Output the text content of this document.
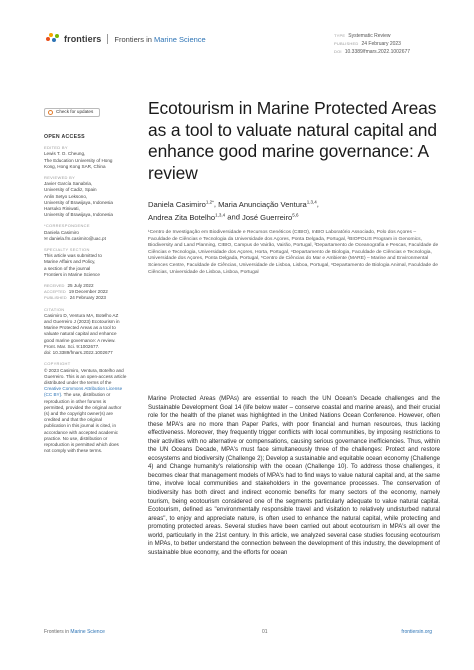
frontiers Frontiers in Marine Science	TYPE Systematic Review
PUBLISHED 24 February 2023
DOI 10.3389/fmars.2022.1002677
Check for updates
OPEN ACCESS
EDITED BY
Lewis T. O. Cheung,
The Education University of Hong
Kong, Hong Kong SAR, China
REVIEWED BY
Javier García Sanabria,
University of Cadiz, Spain
Anlin Setyo Leksono,
University of Brawijaya, Indonesia
Harsuko Riniwati,
University of Brawijaya, Indonesia
*CORRESPONDENCE
Daniela Casimiro
✉ daniela.fm.casimiro@uac.pt
SPECIALTY SECTION
This article was submitted to
Marine Affairs and Policy,
a section of the journal
Frontiers in Marine Science
RECEIVED 25 July 2022
ACCEPTED 19 December 2022
PUBLISHED 24 February 2023
CITATION
Casimiro D, Ventura MA, Botelho AZ
and Guerreiro J (2023) Ecotourism in
Marine Protected Areas as a tool to
valuate natural capital and enhance
good marine governance: A review.
Front. Mar. Sci. 9:1002677.
doi: 10.3389/fmars.2022.1002677
COPYRIGHT
© 2023 Casimiro, Ventura, Botelho and
Guerreiro. This is an open-access article
distributed under the terms of the
Creative Commons Attribution License
(CC BY). The use, distribution or
reproduction in other forums is
permitted, provided the original author
(s) and the copyright owner(s) are
credited and that the original
publication in this journal is cited, in
accordance with accepted academic
practice. No use, distribution or
reproduction is permitted which does
not comply with these terms.
Ecotourism in Marine Protected Areas as a tool to valuate natural capital and enhance good marine governance: A review
Daniela Casimiro$^{1,2*}$, Maria Anunciação Ventura$^{1,3,4}$,
Andrea Zita Botelho$^{1,3,4}$ and José Guerreiro$^{5,6}$
¹Centro de Investigação em Biodiversidade e Recursos Genéticos (CIBIO), InBIO Laboratório Associado, Polo dos Açores – Faculdade de Ciências e Tecnologia da Universidade dos Açores, Ponta Delgada, Portugal, ²BIOPOLIS Program in Genomics, Biodiversity and Land Planning, CIBIO, Campus de Vairão, Vairão, Portugal, ³Departamento de Oceanografia e Pescas, Faculdade de Ciências e Tecnologia, Universidade dos Açores, Horta, Portugal, ⁴Departamento de Biologia, Faculdade de Ciências e Tecnologia, Universidade dos Açores, Ponta Delgada, Portugal, ⁵Centro de Ciências do Mar e Ambiente (MARE) – Marine and Environmental Sciences Centre, Faculdade de Ciências, Universidade de Lisboa, Lisboa, Portugal, ⁶Departamento de Biologia Animal, Faculdade de Ciências, Universidade de Lisboa, Lisboa, Portugal
Marine Protected Areas (MPAs) are essential to reach the UN Ocean's Decade challenges and the Sustainable Development Goal 14 (life below water – conserve coastal and marine areas), and their crucial role for the health of the planet was highlighted in the United Nations Ocean Conference. However, often these MPA's are no more than Paper Parks, with poor financial and human resources, thus lacking effectiveness. Moreover, they frequently trigger conflicts with local communities, by imposing restrictions to their activities with no alternative or compensations, causing serious governance inefficiencies. Thus, within the UN Oceans Decade, MPA's must face simultaneously three of the challenges: Protect and restore ecosystems and biodiversity (Challenge 2); Develop a sustainable and equitable ocean economy (Challenge 4) and Change humanity's relationship with the ocean (Challenge 10). To address those challenges, it becomes clear that management models of MPA's had to find ways to value natural capital and, at the same time, involve local communities and stakeholders in the governance processes. The conservation of biodiversity has both direct and indirect economic benefits for many sectors of the economy, namely tourism, being ecotourism considered one of the segments particularly adequate to value natural capital. Ecotourism, defined as "environmentally responsible travel and visitation to relatively undisturbed natural areas", to enjoy and appreciate nature, is often used to enhance the natural capital, while protecting and promoting protected areas. Several studies have been carried out about ecotourism in MPA's all over the world, particularly in the 21st century. In this article, we analyzed several case studies focusing ecotourism in MPAs, to better understand the connection between the development of this industry, the development of sustainable blue economy, and the efforts for ocean
Frontiers in Marine Science	01	frontiersin.org
